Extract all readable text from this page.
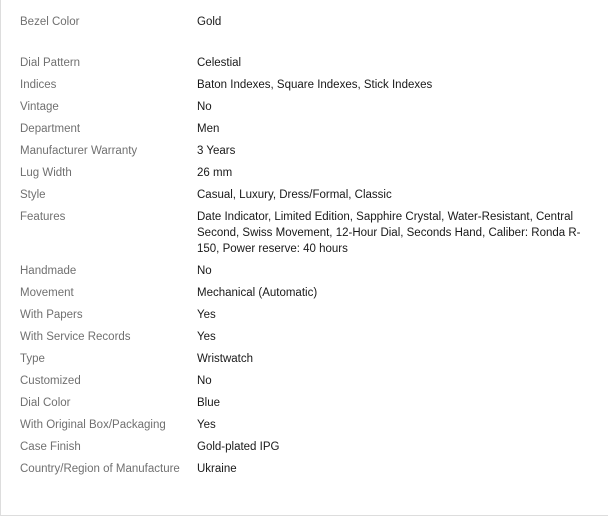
Bezel Color	Gold
Dial Pattern	Celestial
Indices	Baton Indexes, Square Indexes, Stick Indexes
Vintage	No
Department	Men
Manufacturer Warranty	3 Years
Lug Width	26 mm
Style	Casual, Luxury, Dress/Formal, Classic
Features	Date Indicator, Limited Edition, Sapphire Crystal, Water-Resistant, Central Second, Swiss Movement, 12-Hour Dial, Seconds Hand, Caliber: Ronda R-150, Power reserve: 40 hours
Handmade	No
Movement	Mechanical (Automatic)
With Papers	Yes
With Service Records	Yes
Type	Wristwatch
Customized	No
Dial Color	Blue
With Original Box/Packaging	Yes
Case Finish	Gold-plated IPG
Country/Region of Manufacture	Ukraine
